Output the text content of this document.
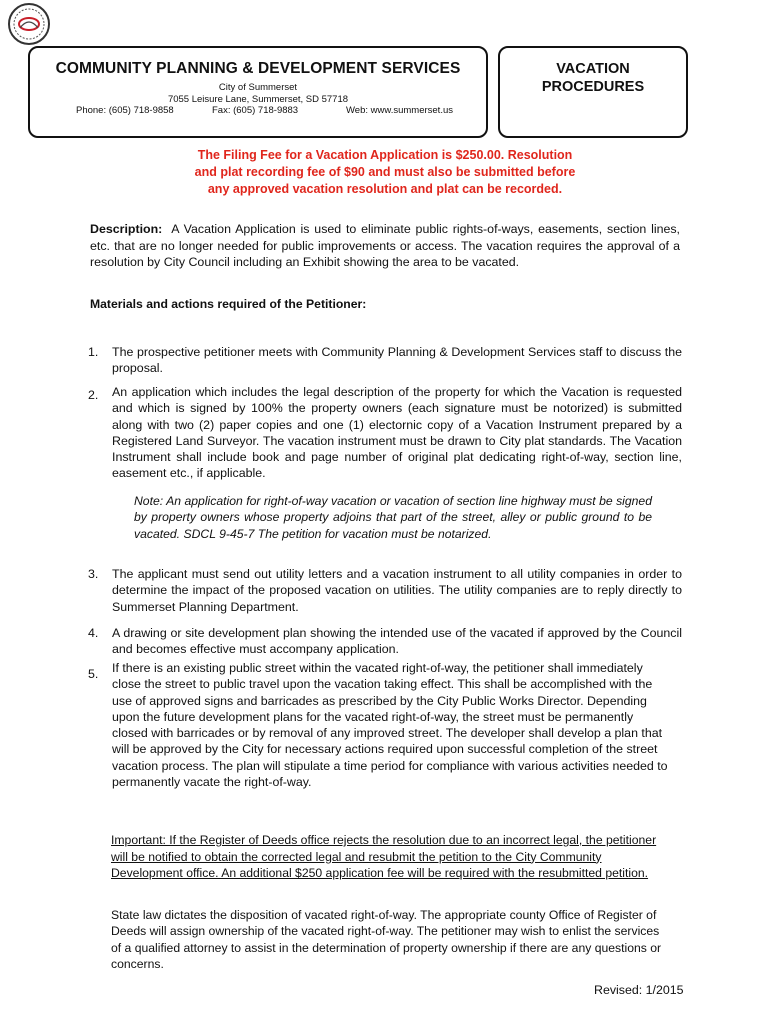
COMMUNITY PLANNING & DEVELOPMENT SERVICES
City of Summerset
7055 Leisure Lane, Summerset, SD 57718
Phone: (605) 718-9858	Fax: (605) 718-9883	Web: www.summerset.us
VACATION
PROCEDURES
The Filing Fee for a Vacation Application is $250.00. Resolution
and plat recording fee of $90 and must also be submitted before
any approved vacation resolution and plat can be recorded.
Description: A Vacation Application is used to eliminate public rights-of-ways, easements, section lines, etc. that are no longer needed for public improvements or access. The vacation requires the approval of a resolution by City Council including an Exhibit showing the area to be vacated.
Materials and actions required of the Petitioner:
1. The prospective petitioner meets with Community Planning & Development Services staff to discuss the proposal.
2. An application which includes the legal description of the property for which the Vacation is requested and which is signed by 100% the property owners (each signature must be notorized) is submitted along with two (2) paper copies and one (1) electornic copy of a Vacation Instrument prepared by a Registered Land Surveyor. The vacation instrument must be drawn to City plat standards. The Vacation Instrument shall include book and page number of original plat dedicating right-of-way, section line, easement etc., if applicable.
Note: An application for right-of-way vacation or vacation of section line highway must be signed by property owners whose property adjoins that part of the street, alley or public ground to be vacated. SDCL 9-45-7 The petition for vacation must be notarized.
3. The applicant must send out utility letters and a vacation instrument to all utility companies in order to determine the impact of the proposed vacation on utilities. The utility companies are to reply directly to Summerset Planning Department.
4. A drawing or site development plan showing the intended use of the vacated if approved by the Council and becomes effective must accompany application.
5. If there is an existing public street within the vacated right-of-way, the petitioner shall immediately close the street to public travel upon the vacation taking effect. This shall be accomplished with the use of approved signs and barricades as prescribed by the City Public Works Director. Depending upon the future development plans for the vacated right-of-way, the street must be permanently closed with barricades or by removal of any improved street. The developer shall develop a plan that will be approved by the City for necessary actions required upon successful completion of the street vacation process. The plan will stipulate a time period for compliance with various activities needed to permanently vacate the right-of-way.
Important: If the Register of Deeds office rejects the resolution due to an incorrect legal, the petitioner will be notified to obtain the corrected legal and resubmit the petition to the City Community Development office. An additional $250 application fee will be required with the resubmitted petition.
State law dictates the disposition of vacated right-of-way. The appropriate county Office of Register of Deeds will assign ownership of the vacated right-of-way. The petitioner may wish to enlist the services of a qualified attorney to assist in the determination of property ownership if there are any questions or concerns.
Revised: 1/2015
